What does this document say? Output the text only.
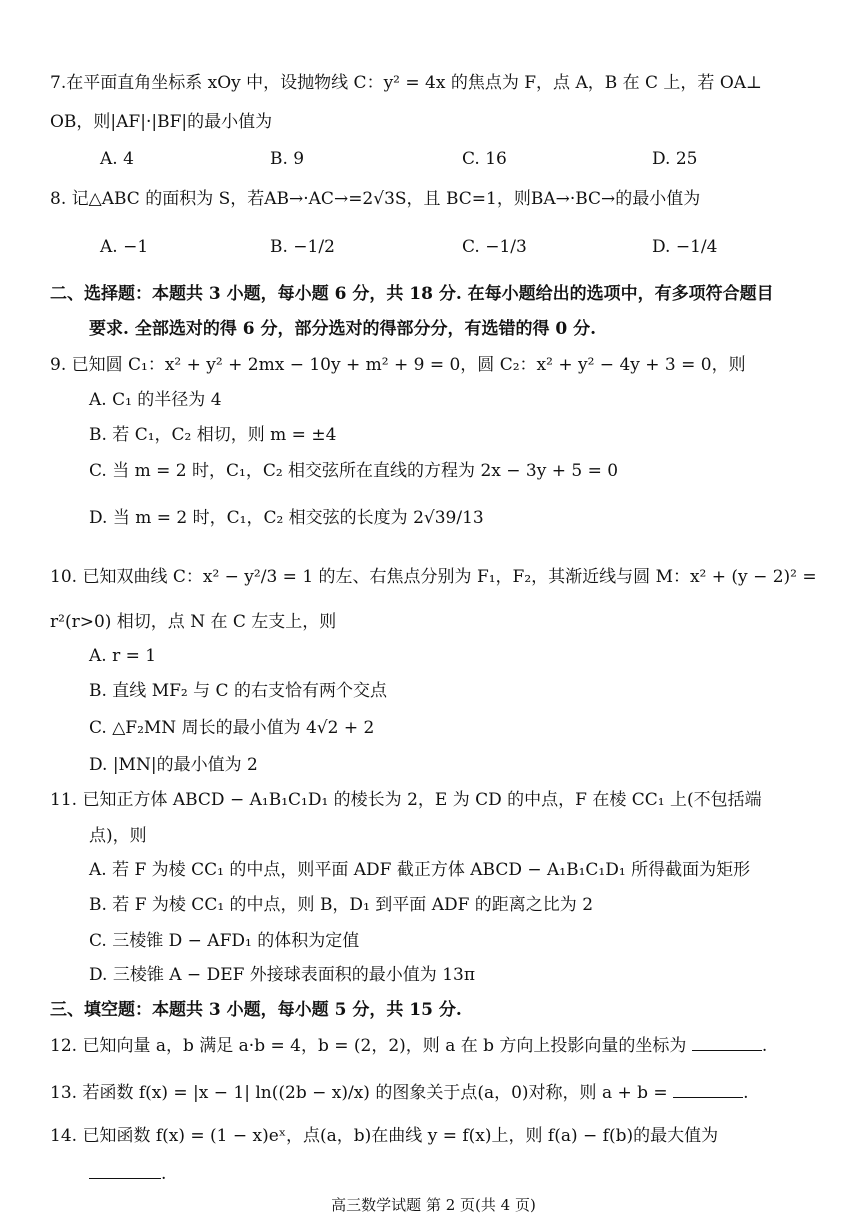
7.在平面直角坐标系 xOy 中，设抛物线 C：y² = 4x 的焦点为 F，点 A，B 在 C 上，若 OA⊥
OB，则|AF|·|BF|的最小值为
A. 4	B. 9	C. 16	D. 25
8. 记△ABC 的面积为 S，若AB→·AC→=2√3S，且 BC=1，则BA→·BC→的最小值为
A. −1	B. −1/2	C. −1/3	D. −1/4
二、选择题：本题共 3 小题，每小题 6 分，共 18 分. 在每小题给出的选项中，有多项符合题目
要求. 全部选对的得 6 分，部分选对的得部分分，有选错的得 0 分.
9. 已知圆 C₁：x² + y² + 2mx − 10y + m² + 9 = 0，圆 C₂：x² + y² − 4y + 3 = 0，则
A. C₁ 的半径为 4
B. 若 C₁，C₂ 相切，则 m = ±4
C. 当 m = 2 时，C₁，C₂ 相交弦所在直线的方程为 2x − 3y + 5 = 0
D. 当 m = 2 时，C₁，C₂ 相交弦的长度为 2√39/13
10. 已知双曲线 C：x² − y²/3 = 1 的左、右焦点分别为 F₁，F₂，其渐近线与圆 M：x² + (y − 2)² =
r²(r>0) 相切，点 N 在 C 左支上，则
A. r = 1
B. 直线 MF₂ 与 C 的右支恰有两个交点
C. △F₂MN 周长的最小值为 4√2 + 2
D. |MN|的最小值为 2
11. 已知正方体 ABCD − A₁B₁C₁D₁ 的棱长为 2，E 为 CD 的中点，F 在棱 CC₁ 上(不包括端
点)，则
A. 若 F 为棱 CC₁ 的中点，则平面 ADF 截正方体 ABCD − A₁B₁C₁D₁ 所得截面为矩形
B. 若 F 为棱 CC₁ 的中点，则 B，D₁ 到平面 ADF 的距离之比为 2
C. 三棱锥 D − AFD₁ 的体积为定值
D. 三棱锥 A − DEF 外接球表面积的最小值为 13π
三、填空题：本题共 3 小题，每小题 5 分，共 15 分.
12. 已知向量 a，b 满足 a·b = 4，b = (2，2)，则 a 在 b 方向上投影向量的坐标为	.
13. 若函数 f(x) = |x − 1| ln((2b − x)/x) 的图象关于点(a，0)对称，则 a + b =	.
14. 已知函数 f(x) = (1 − x)eˣ，点(a，b)在曲线 y = f(x)上，则 f(a) − f(b)的最大值为
.
高三数学试题 第 2 页(共 4 页)
